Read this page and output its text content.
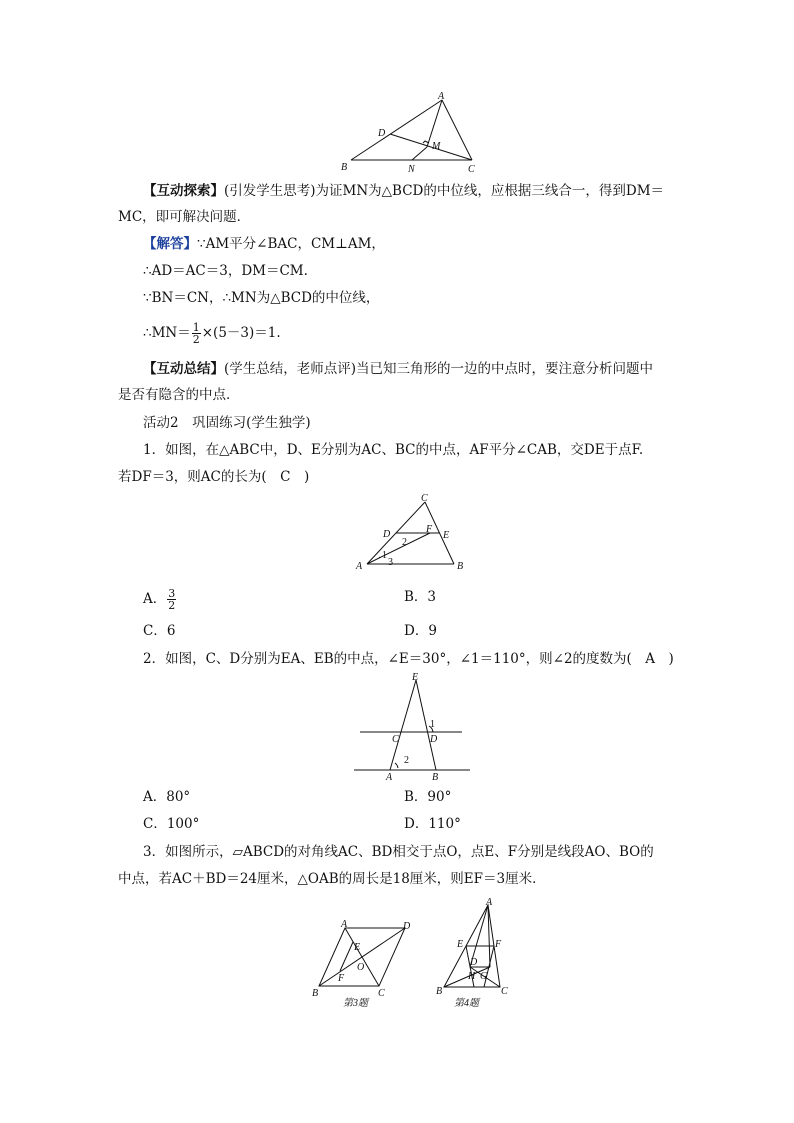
A
B	C
D
M
N
【互动探索】(引发学生思考)为证MN为△BCD的中位线，应根据三线合一，得到DM＝
MC，即可解决问题．
【解答】∵AM平分∠BAC，CM⊥AM，
∴AD＝AC＝3，DM＝CM.
∵BN＝CN，∴MN为△BCD的中位线，
∴MN＝ $\frac{1}{2} \times(5-3)=1$.
【互动总结】(学生总结，老师点评)当已知三角形的一边的中点时，要注意分析问题中
是否有隐含的中点．
活动2　巩固练习(学生独学)
1．如图，在△ABC中，D、E分别为AC、BC的中点，AF平分∠CAB，交DE于点F.
若DF＝3，则AC的长为(　C　)
C
A	B
D	E
F
1
2
3
A． $\frac{3}{2}$	B．3
C．6	D．9
2．如图，C、D分别为EA、EB的中点，∠E＝30°，∠1＝110°，则∠2的度数为(　A　)
E
C	D
A	B
1
2
A．80°	B．90°
C．100°	D．110°
3．如图所示，▱ABCD的对角线AC、BD相交于点O，点E、F分别是线段AO、BO的
中点，若AC＋BD＝24厘米，△OAB的周长是18厘米，则EF＝3厘米．
A	D
B	C
E
F
O
第3题
A
B	C
D
E	F
G
H
第4题
